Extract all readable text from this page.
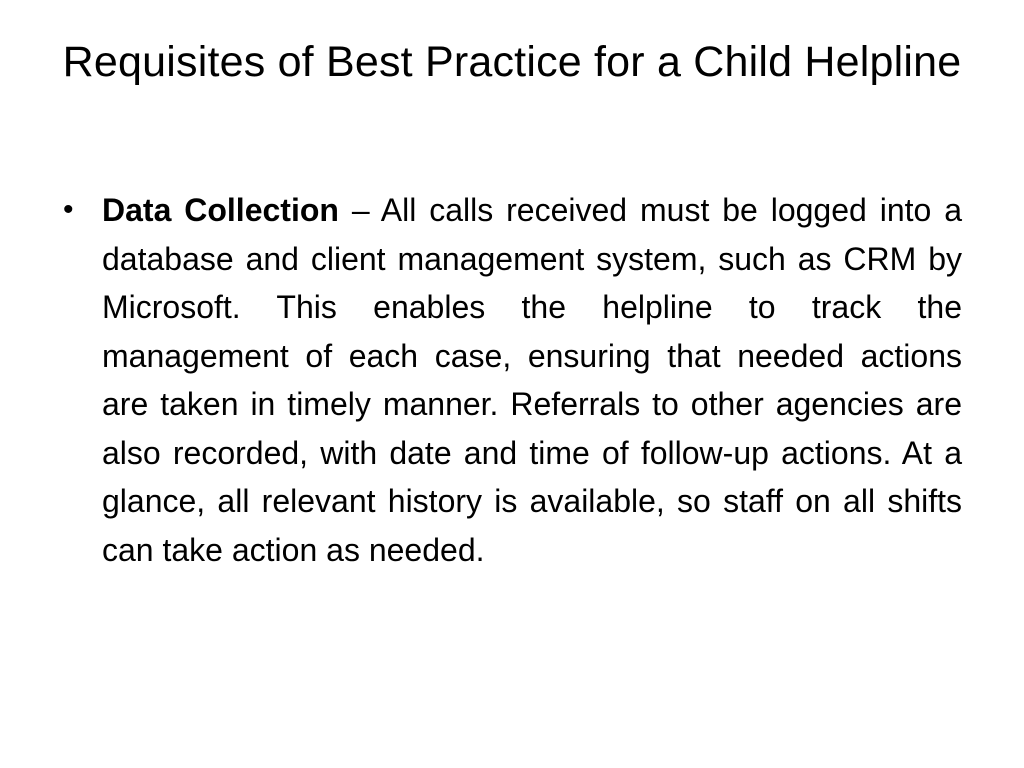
Requisites of Best Practice for a Child Helpline
• Data Collection – All calls received must be logged into a database and client management system, such as CRM by Microsoft. This enables the helpline to track the management of each case, ensuring that needed actions are taken in timely manner. Referrals to other agencies are also recorded, with date and time of follow-up actions. At a glance, all relevant history is available, so staff on all shifts can take action as needed.
